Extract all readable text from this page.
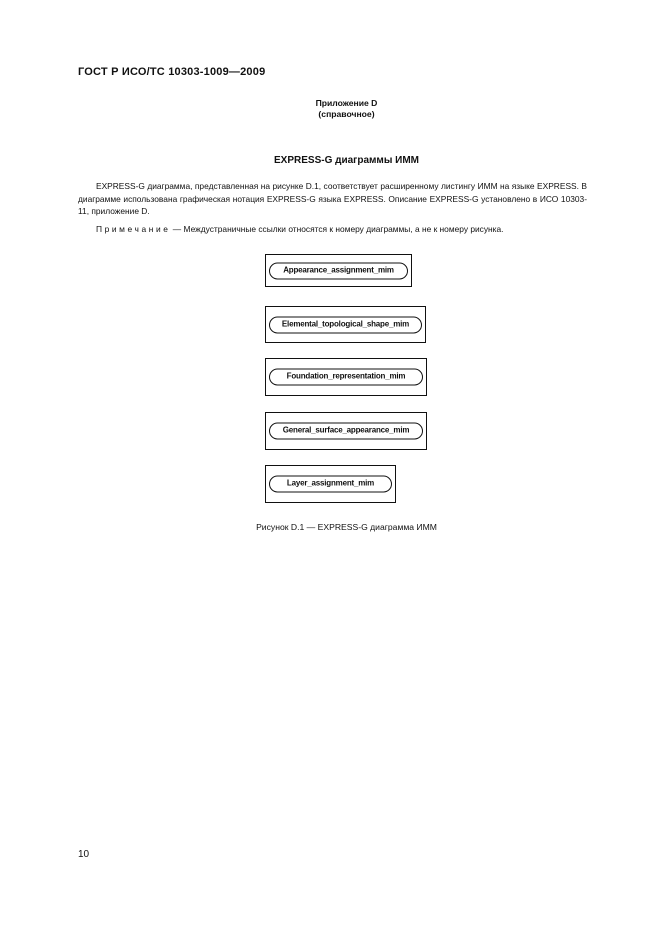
ГОСТ Р ИСО/ТС 10303-1009—2009
Приложение D
(справочное)
EXPRESS-G диаграммы ИММ
EXPRESS-G диаграмма, представленная на рисунке D.1, соответствует расширенному листингу ИММ на языке EXPRESS. В диаграмме использована графическая нотация EXPRESS-G языка EXPRESS. Описание EXPRESS-G установлено в ИСО 10303-11, приложение D.
Примечание — Междустраничные ссылки относятся к номеру диаграммы, а не к номеру рисунка.
Appearance_assignment_mim
Elemental_topological_shape_mim
Foundation_representation_mim
General_surface_appearance_mim
Layer_assignment_mim
Рисунок D.1 — EXPRESS-G диаграмма ИММ
10
